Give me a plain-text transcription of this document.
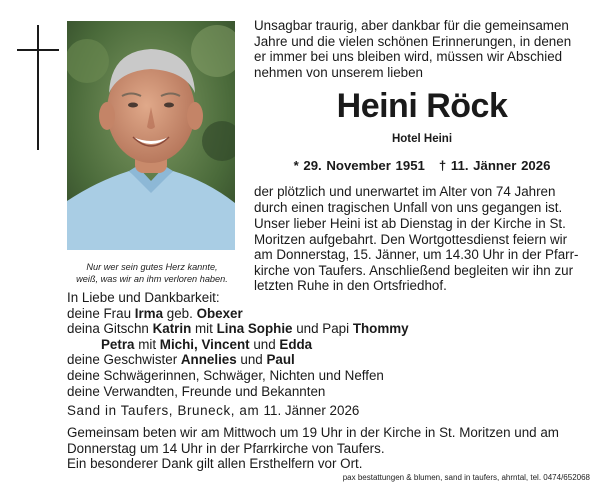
Nur wer sein gutes Herz kannte,
weiß, was wir an ihm verloren haben.
Unsagbar traurig, aber dankbar für die gemeinsamen
Jahre und die vielen schönen Erinnerungen, in denen
er immer bei uns bleiben wird, müssen wir Abschied
nehmen von unserem lieben
Heini Röck
Hotel Heini
* 29. November 1951 † 11. Jänner 2026
der plötzlich und unerwartet im Alter von 74 Jahren
durch einen tragischen Unfall von uns gegangen ist.
Unser lieber Heini ist ab Dienstag in der Kirche in St.
Moritzen aufgebahrt. Den Wortgottesdienst feiern wir
am Donnerstag, 15. Jänner, um 14.30 Uhr in der Pfarr-
kirche von Taufers. Anschließend begleiten wir ihn zur
letzten Ruhe in den Ortsfriedhof.
In Liebe und Dankbarkeit:
deine Frau Irma geb. Obexer
deina Gitschn Katrin mit Lina Sophie und Papi Thommy
Petra mit Michi, Vincent und Edda
deine Geschwister Annelies und Paul
deine Schwägerinnen, Schwäger, Nichten und Neffen
deine Verwandten, Freunde und Bekannten
Sand in Taufers, Bruneck, am 11. Jänner 2026
Gemeinsam beten wir am Mittwoch um 19 Uhr in der Kirche in St. Moritzen und am
Donnerstag um 14 Uhr in der Pfarrkirche von Taufers.
Ein besonderer Dank gilt allen Ersthelfern vor Ort.
pax bestattungen & blumen, sand in taufers, ahrntal, tel. 0474/652068
